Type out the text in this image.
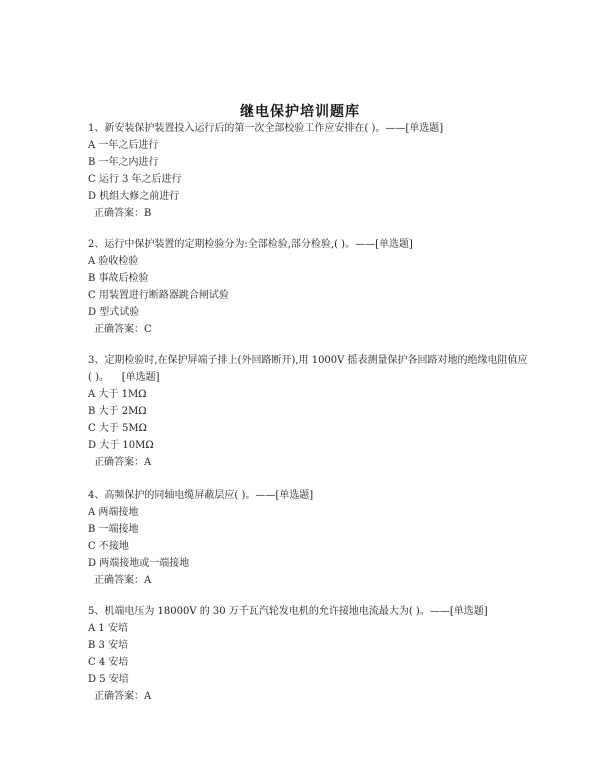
继电保护培训题库

1、新安装保护装置投入运行后的第一次全部校验工作应安排在( )。——[单选题]

A 一年之后进行

B 一年之内进行

C 运行 3 年之后进行

D 机组大修之前进行

正确答案：B

2、运行中保护装置的定期检验分为:全部检验,部分检验,( )。——[单选题]

A 验收检验

B 事故后检验

C 用装置进行断路器跳合闸试验

D 型式试验

正确答案：C

3、定期检验时,在保护屏端子排上(外回路断开),用 1000V 摇表测量保护各回路对地的绝缘电阻值应( )。    [单选题]

A 大于 1MΩ

B 大于 2MΩ

C 大于 5MΩ

D 大于 10MΩ

正确答案：A

4、高频保护的同轴电缆屏蔽层应( )。——[单选题]

A 两端接地

B 一端接地

C 不接地

D 两端接地或一端接地

正确答案：A

5、机端电压为 18000V 的 30 万千瓦汽轮发电机的允许接地电流最大为( )。——[单选题]

A 1 安培

B 3 安培

C 4 安培

D 5 安培

正确答案：A
